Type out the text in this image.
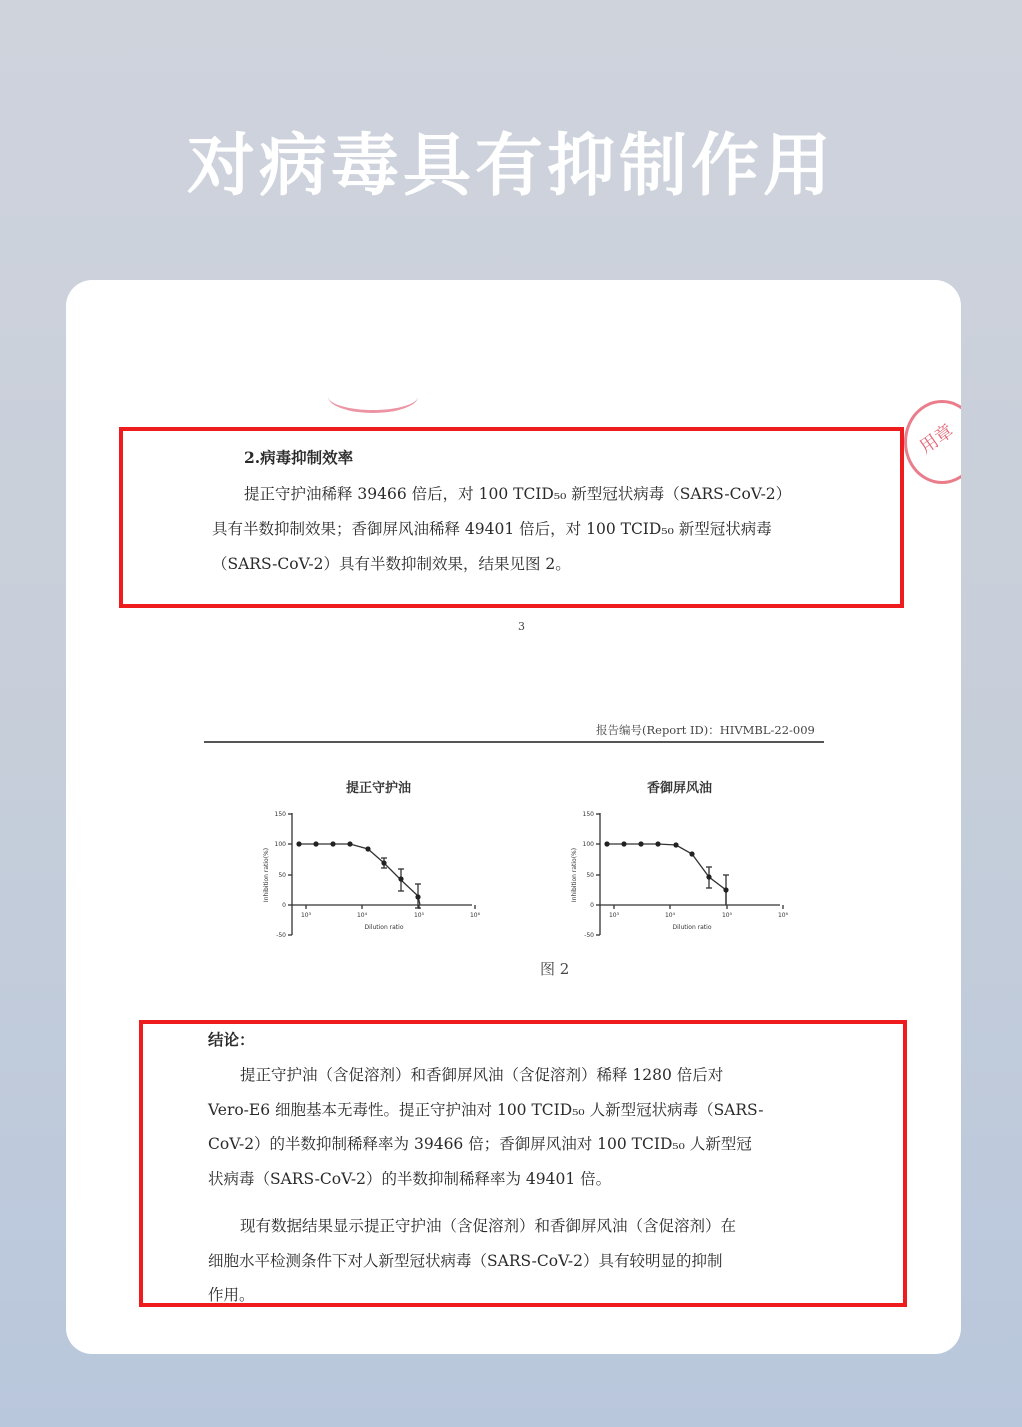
对病毒具有抑制作用
用章
2.病毒抑制效率
提正守护油稀释 39466 倍后，对 100 TCID₅₀ 新型冠状病毒（SARS-CoV-2）
具有半数抑制效果；香御屏风油稀释 49401 倍后，对 100 TCID₅₀ 新型冠状病毒
（SARS-CoV-2）具有半数抑制效果，结果见图 2。
3
报告编号(Report ID)：HIVMBL-22-009
提正守护油
150
100
50
0
-50
10³	10⁴	10⁵	10⁶
Dilution ratio
Inhibition ratio(%)
香御屏风油
150
100
50
0
-50
10³	10⁴	10⁵	10⁶
Dilution ratio
Inhibition ratio(%)
图 2
结论：
提正守护油（含促溶剂）和香御屏风油（含促溶剂）稀释 1280 倍后对
Vero-E6 细胞基本无毒性。提正守护油对 100 TCID₅₀ 人新型冠状病毒（SARS-
CoV-2）的半数抑制稀释率为 39466 倍；香御屏风油对 100 TCID₅₀ 人新型冠
状病毒（SARS-CoV-2）的半数抑制稀释率为 49401 倍。
现有数据结果显示提正守护油（含促溶剂）和香御屏风油（含促溶剂）在
细胞水平检测条件下对人新型冠状病毒（SARS-CoV-2）具有较明显的抑制
作用。
